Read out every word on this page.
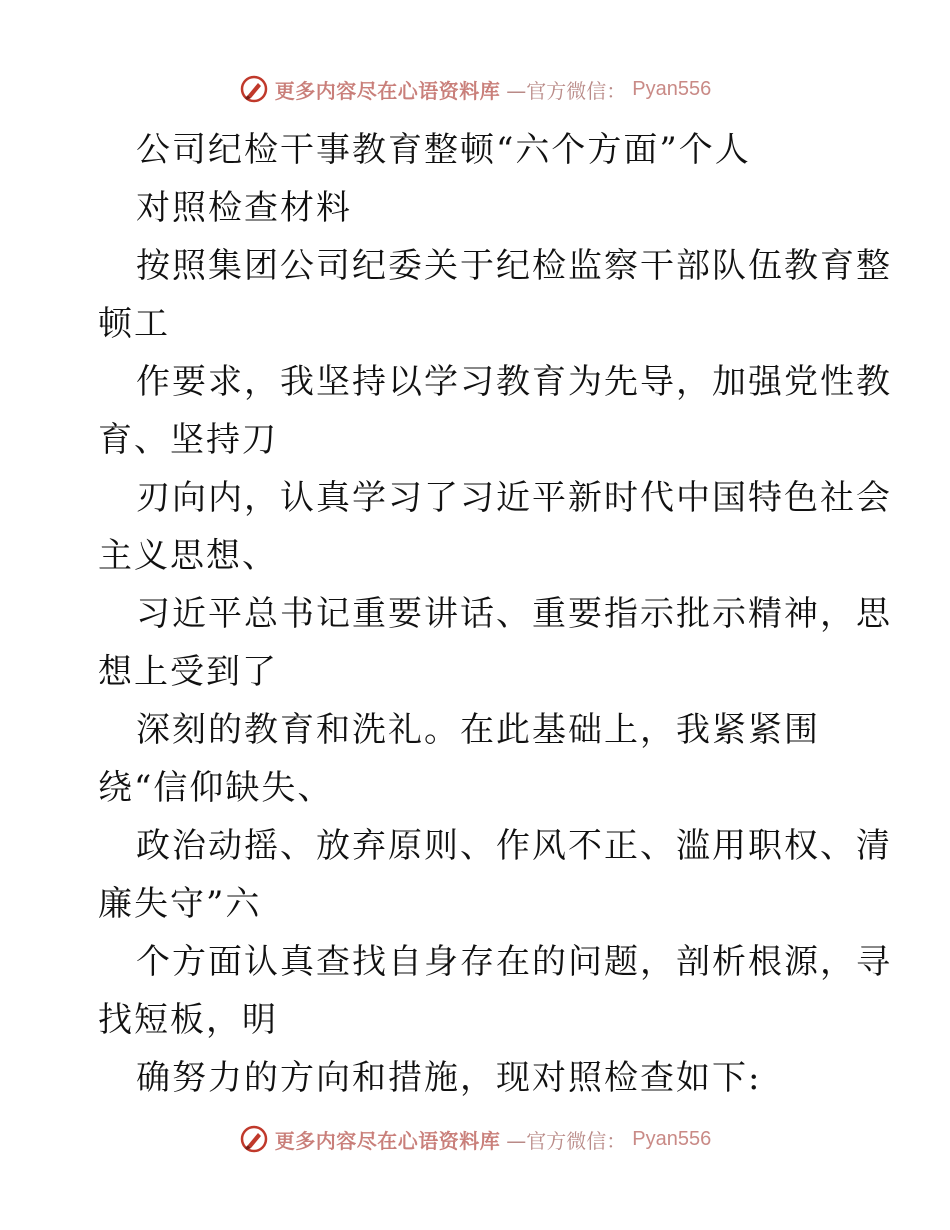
更多内容尽在心语资料库 —官方微信： Pyan556
公司纪检干事教育整顿“六个方面”个人
对照检查材料
按照集团公司纪委关于纪检监察干部队伍教育整
顿工
作要求，我坚持以学习教育为先导，加强党性教
育、坚持刀
刃向内，认真学习了习近平新时代中国特色社会
主义思想、
习近平总书记重要讲话、重要指示批示精神，思
想上受到了
深刻的教育和洗礼。在此基础上，我紧紧围
绕“信仰缺失、
政治动摇、放弃原则、作风不正、滥用职权、清
廉失守”六
个方面认真查找自身存在的问题，剖析根源，寻
找短板，明
确努力的方向和措施，现对照检查如下:
更多内容尽在心语资料库 —官方微信： Pyan556
